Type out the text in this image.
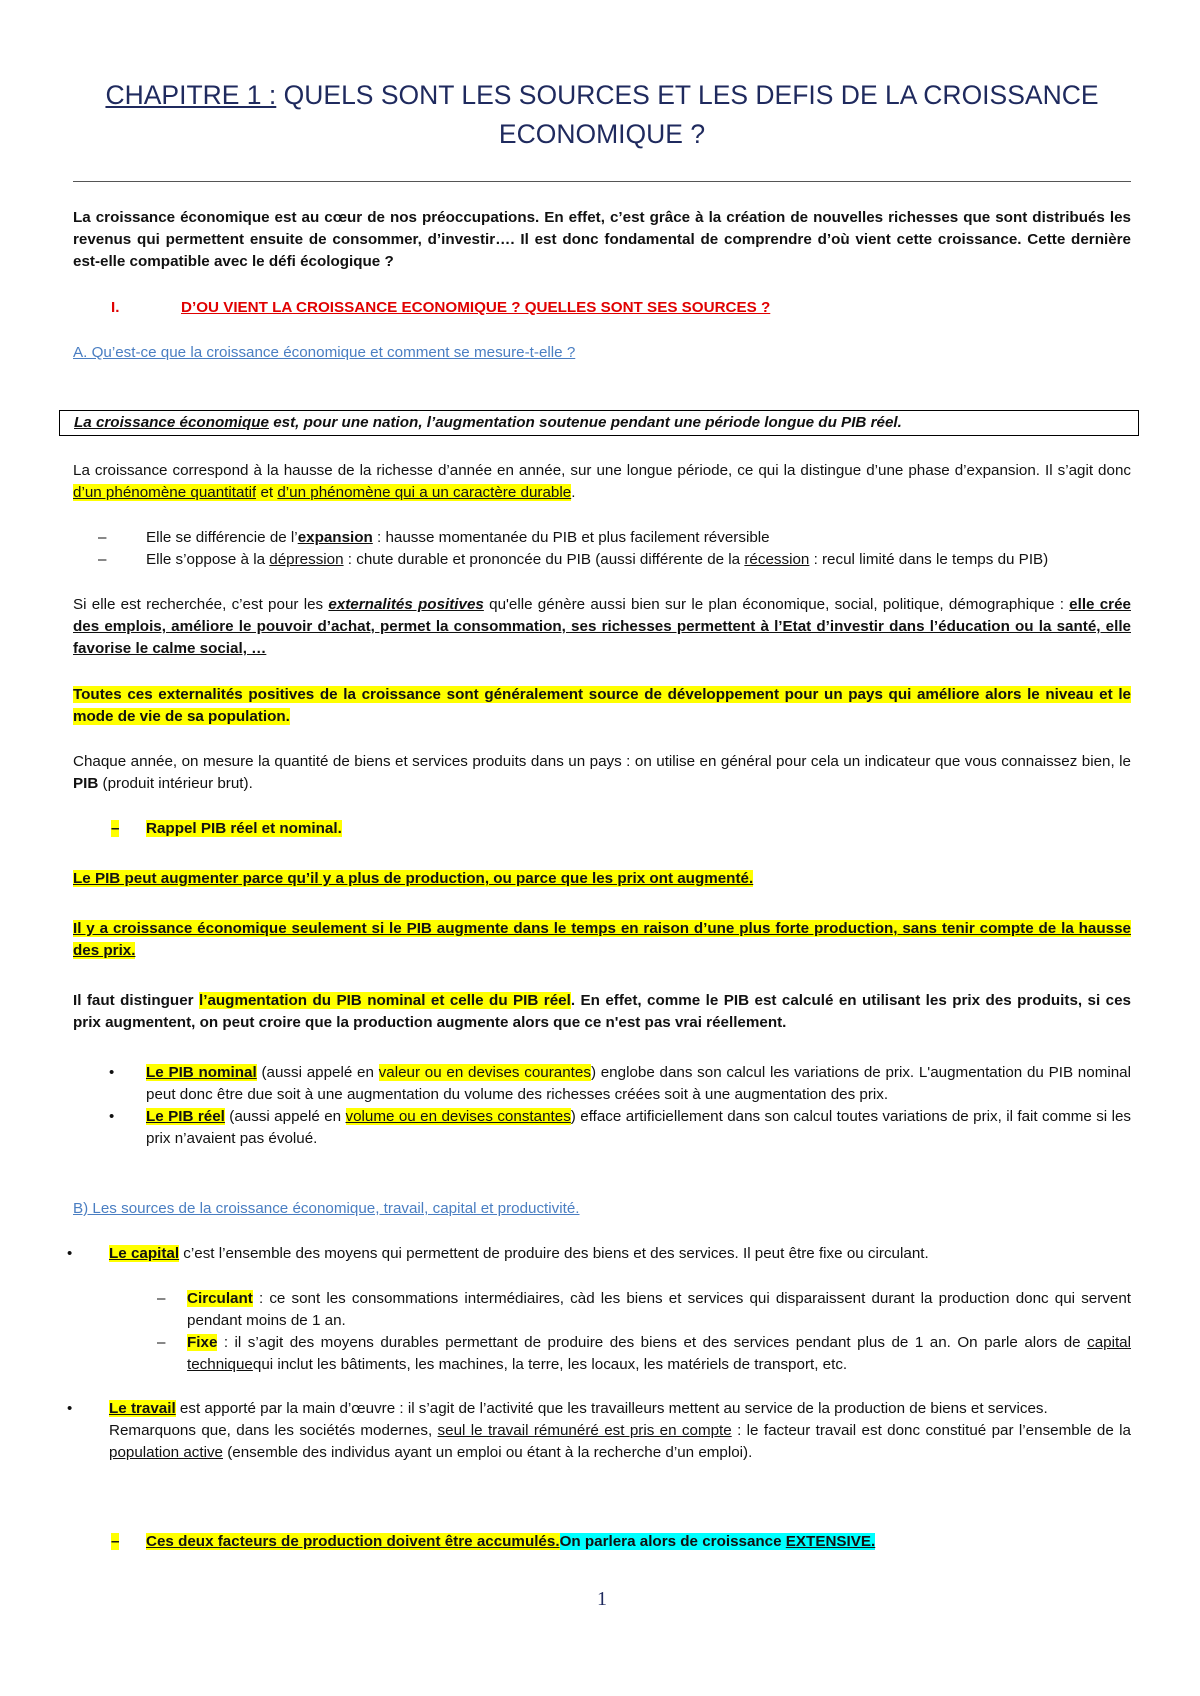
CHAPITRE 1 : QUELS SONT LES SOURCES ET LES DEFIS DE LA CROISSANCE ECONOMIQUE ?
La croissance économique est au cœur de nos préoccupations. En effet, c’est grâce à la création de nouvelles richesses que sont distribués les revenus qui permettent ensuite de consommer, d’investir…. Il est donc fondamental de comprendre d’où vient cette croissance. Cette dernière est-elle compatible avec le défi écologique ?
I.	D’OU VIENT LA CROISSANCE ECONOMIQUE ? QUELLES SONT SES SOURCES ?
A. Qu’est-ce que la croissance économique et comment se mesure-t-elle ?
La croissance économique est, pour une nation, l’augmentation soutenue pendant une période longue du PIB réel.
La croissance correspond à la hausse de la richesse d’année en année, sur une longue période, ce qui la distingue d’une phase d’expansion. Il s’agit donc d’un phénomène quantitatif et d’un phénomène qui a un caractère durable.
–	Elle se différencie de l’expansion : hausse momentanée du PIB et plus facilement réversible
–	Elle s’oppose à la dépression : chute durable et prononcée du PIB (aussi différente de la récession : recul limité dans le temps du PIB)
Si elle est recherchée, c’est pour les externalités positives qu'elle génère aussi bien sur le plan économique, social, politique, démographique : elle crée des emplois, améliore le pouvoir d’achat, permet la consommation, ses richesses permettent à l’Etat d’investir dans l’éducation ou la santé, elle favorise le calme social, …
Toutes ces externalités positives de la croissance sont généralement source de développement pour un pays qui améliore alors le niveau et le mode de vie de sa population.
Chaque année, on mesure la quantité de biens et services produits dans un pays : on utilise en général pour cela un indicateur que vous connaissez bien, le PIB (produit intérieur brut).
– Rappel PIB réel et nominal.
Le PIB peut augmenter parce qu’il y a plus de production, ou parce que les prix ont augmenté.
Il y a croissance économique seulement si le PIB augmente dans le temps en raison d’une plus forte production, sans tenir compte de la hausse des prix.
Il faut distinguer l’augmentation du PIB nominal et celle du PIB réel. En effet, comme le PIB est calculé en utilisant les prix des produits, si ces prix augmentent, on peut croire que la production augmente alors que ce n'est pas vrai réellement.
• Le PIB nominal (aussi appelé en valeur ou en devises courantes) englobe dans son calcul les variations de prix. L'augmentation du PIB nominal peut donc être due soit à une augmentation du volume des richesses créées soit à une augmentation des prix.
• Le PIB réel (aussi appelé en volume ou en devises constantes) efface artificiellement dans son calcul toutes variations de prix, il fait comme si les prix n’avaient pas évolué.
B) Les sources de la croissance économique, travail, capital et productivité.
• Le capital c’est l’ensemble des moyens qui permettent de produire des biens et des services. Il peut être fixe ou circulant.
– Circulant : ce sont les consommations intermédiaires, càd les biens et services qui disparaissent durant la production donc qui servent pendant moins de 1 an.
– Fixe : il s’agit des moyens durables permettant de produire des biens et des services pendant plus de 1 an. On parle alors de capital techniquequi inclut les bâtiments, les machines, la terre, les locaux, les matériels de transport, etc.
• Le travail est apporté par la main d’œuvre : il s’agit de l’activité que les travailleurs mettent au service de la production de biens et services.
Remarquons que, dans les sociétés modernes, seul le travail rémunéré est pris en compte : le facteur travail est donc constitué par l’ensemble de la population active (ensemble des individus ayant un emploi ou étant à la recherche d’un emploi).
– Ces deux facteurs de production doivent être accumulés.On parlera alors de croissance EXTENSIVE.
1
